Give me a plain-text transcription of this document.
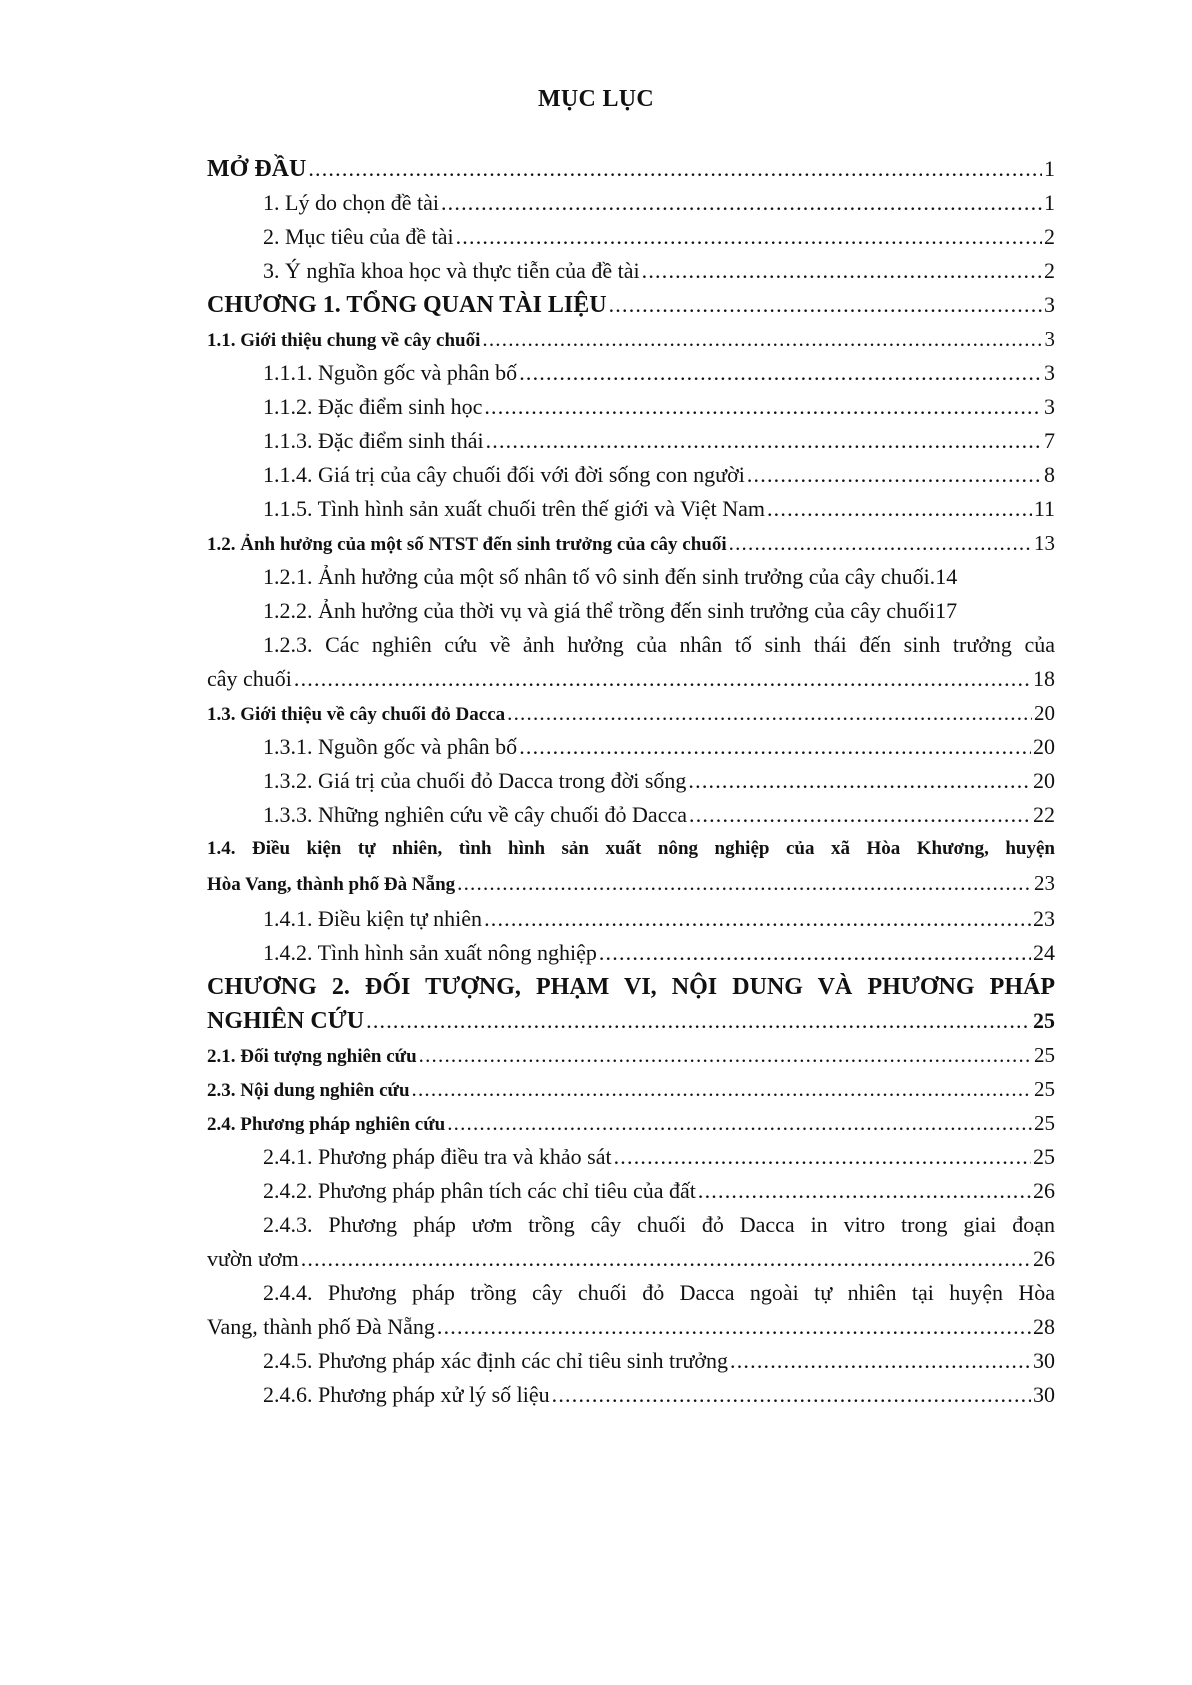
MỤC LỤC
MỞ ĐẦU .....	1
1. Lý do chọn đề tài .....	1
2. Mục tiêu của đề tài .....	2
3. Ý nghĩa khoa học và thực tiễn của đề tài .....	2
CHƯƠNG 1. TỔNG QUAN TÀI LIỆU .....	3
1.1. Giới thiệu chung về cây chuối .....	3
1.1.1. Nguồn gốc và phân bố .....	3
1.1.2. Đặc điểm sinh học .....	3
1.1.3. Đặc điểm sinh thái .....	7
1.1.4. Giá trị của cây chuối đối với đời sống con người .....	8
1.1.5. Tình hình sản xuất chuối trên thế giới và Việt Nam .....	11
1.2. Ảnh hưởng của một số NTST đến sinh trưởng của cây chuối .....	13
1.2.1. Ảnh hưởng của một số nhân tố vô sinh đến sinh trưởng của cây chuối. 14
1.2.2. Ảnh hưởng của thời vụ và giá thể trồng đến sinh trưởng của cây chuối 17
1.2.3. Các nghiên cứu về ảnh hưởng của nhân tố sinh thái đến sinh trưởng của
cây chuối .....	18
1.3. Giới thiệu về cây chuối đỏ Dacca .....	20
1.3.1. Nguồn gốc và phân bố .....	20
1.3.2. Giá trị của chuối đỏ Dacca trong đời sống .....	20
1.3.3. Những nghiên cứu về cây chuối đỏ Dacca .....	22
1.4. Điều kiện tự nhiên, tình hình sản xuất nông nghiệp của xã Hòa Khương, huyện
Hòa Vang, thành phố Đà Nẵng .....	23
1.4.1. Điều kiện tự nhiên .....	23
1.4.2. Tình hình sản xuất nông nghiệp .....	24
CHƯƠNG 2. ĐỐI TƯỢNG, PHẠM VI, NỘI DUNG VÀ PHƯƠNG PHÁP
NGHIÊN CỨU .....	25
2.1. Đối tượng nghiên cứu .....	25
2.3. Nội dung nghiên cứu .....	25
2.4. Phương pháp nghiên cứu .....	25
2.4.1. Phương pháp điều tra và khảo sát .....	25
2.4.2. Phương pháp phân tích các chỉ tiêu của đất .....	26
2.4.3. Phương pháp ươm trồng cây chuối đỏ Dacca in vitro trong giai đoạn
vườn ươm .....	26
2.4.4. Phương pháp trồng cây chuối đỏ Dacca ngoài tự nhiên tại huyện Hòa
Vang, thành phố Đà Nẵng .....	28
2.4.5. Phương pháp xác định các chỉ tiêu sinh trưởng .....	30
2.4.6. Phương pháp xử lý số liệu .....	30
